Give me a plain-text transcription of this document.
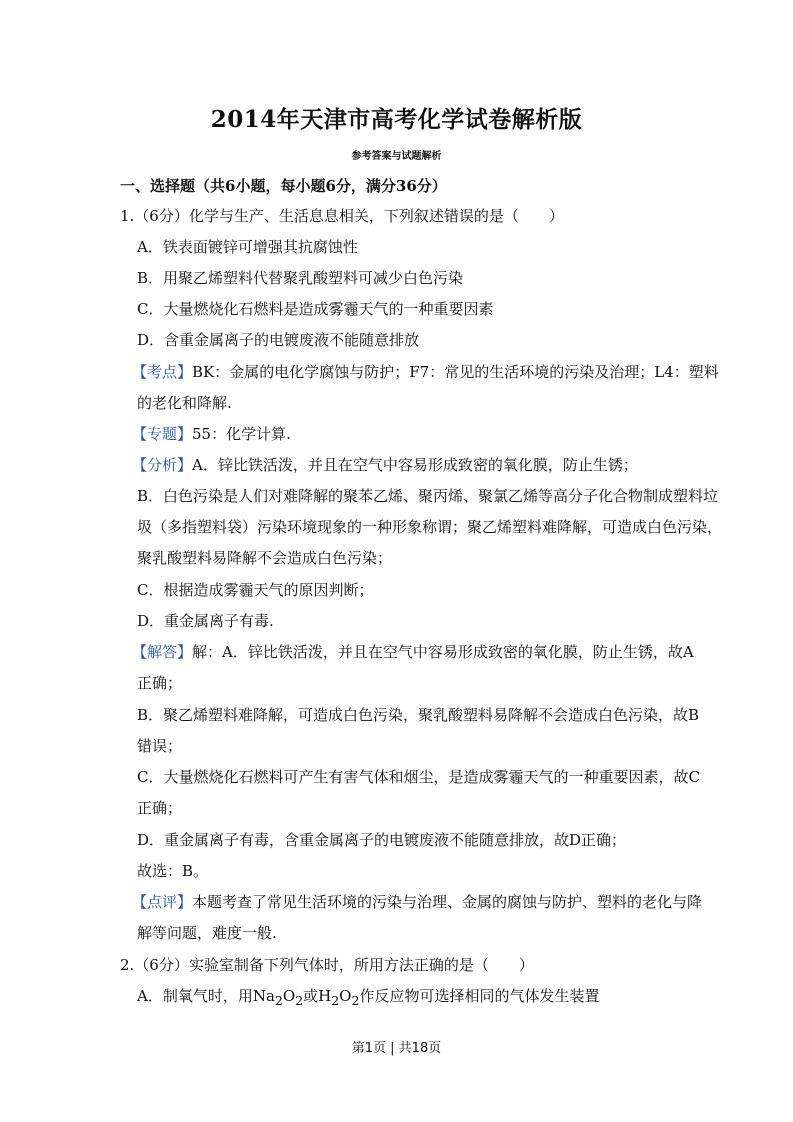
2014年天津市高考化学试卷解析版
参考答案与试题解析
一、选择题（共6小题，每小题6分，满分36分）
1.（6分）化学与生产、生活息息相关，下列叙述错误的是（　　）
A．铁表面镀锌可增强其抗腐蚀性
B．用聚乙烯塑料代替聚乳酸塑料可减少白色污染
C．大量燃烧化石燃料是造成雾霾天气的一种重要因素
D．含重金属离子的电镀废液不能随意排放
【考点】BK：金属的电化学腐蚀与防护；F7：常见的生活环境的污染及治理；L4：塑料
的老化和降解.
【专题】55：化学计算.
【分析】A．锌比铁活泼，并且在空气中容易形成致密的氧化膜，防止生锈；
B．白色污染是人们对难降解的聚苯乙烯、聚丙烯、聚氯乙烯等高分子化合物制成塑料垃
圾（多指塑料袋）污染环境现象的一种形象称谓；聚乙烯塑料难降解，可造成白色污染，
聚乳酸塑料易降解不会造成白色污染；
C．根据造成雾霾天气的原因判断；
D．重金属离子有毒.
【解答】解：A．锌比铁活泼，并且在空气中容易形成致密的氧化膜，防止生锈，故A
正确；
B．聚乙烯塑料难降解，可造成白色污染，聚乳酸塑料易降解不会造成白色污染，故B
错误；
C．大量燃烧化石燃料可产生有害气体和烟尘，是造成雾霾天气的一种重要因素，故C
正确；
D．重金属离子有毒，含重金属离子的电镀废液不能随意排放，故D正确；
故选：B。
【点评】本题考查了常见生活环境的污染与治理、金属的腐蚀与防护、塑料的老化与降
解等问题，难度一般.
2.（6分）实验室制备下列气体时，所用方法正确的是（　　）
A．制氧气时，用$Na_2O_2$或$H_2O_2$作反应物可选择相同的气体发生装置
第1页 | 共18页
